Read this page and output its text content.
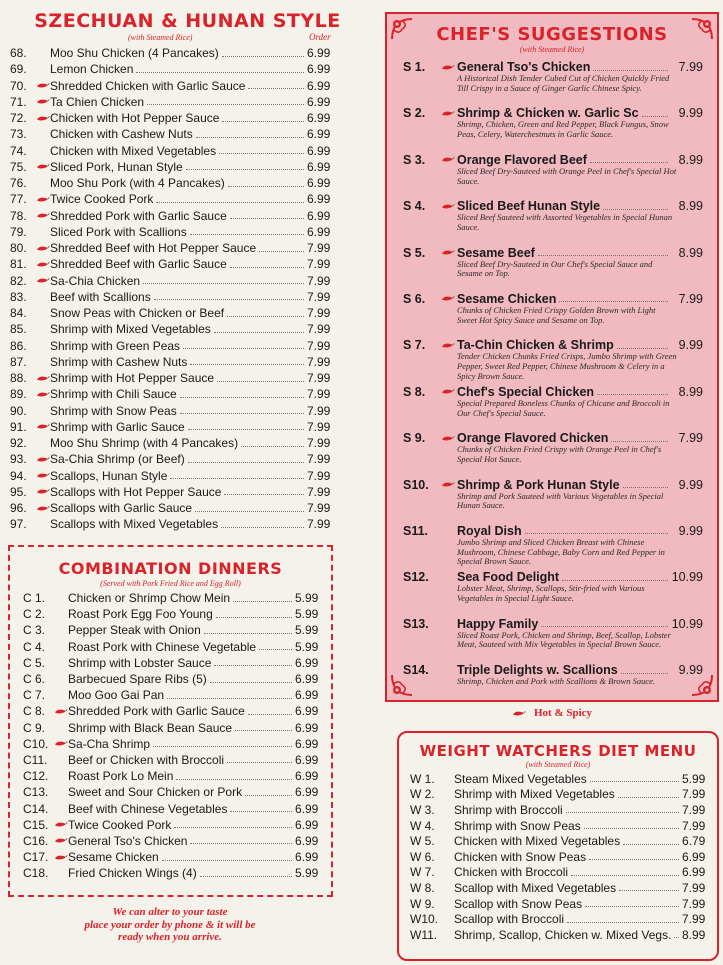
SZECHUAN & HUNAN STYLE
(with Steamed Rice)	Order
68.	Moo Shu Chicken (4 Pancakes)	6.99
69.	Lemon Chicken	6.99
70.	Shredded Chicken with Garlic Sauce	6.99
71.	Ta Chien Chicken	6.99
72.	Chicken with Hot Pepper Sauce	6.99
73.	Chicken with Cashew Nuts	6.99
74.	Chicken with Mixed Vegetables	6.99
75.	Sliced Pork, Hunan Style	6.99
76.	Moo Shu Pork (with 4 Pancakes)	6.99
77.	Twice Cooked Pork	6.99
78.	Shredded Pork with Garlic Sauce	6.99
79.	Sliced Pork with Scallions	6.99
80.	Shredded Beef with Hot Pepper Sauce	7.99
81.	Shredded Beef with Garlic Sauce	7.99
82.	Sa-Chia Chicken	7.99
83.	Beef with Scallions	7.99
84.	Snow Peas with Chicken or Beef	7.99
85.	Shrimp with Mixed Vegetables	7.99
86.	Shrimp with Green Peas	7.99
87.	Shrimp with Cashew Nuts	7.99
88.	Shrimp with Hot Pepper Sauce	7.99
89.	Shrimp with Chili Sauce	7.99
90.	Shrimp with Snow Peas	7.99
91.	Shrimp with Garlic Sauce	7.99
92.	Moo Shu Shrimp (with 4 Pancakes)	7.99
93.	Sa-Chia Shrimp (or Beef)	7.99
94.	Scallops, Hunan Style	7.99
95.	Scallops with Hot Pepper Sauce	7.99
96.	Scallops with Garlic Sauce	7.99
97.	Scallops with Mixed Vegetables	7.99
COMBINATION DINNERS
(Served with Pork Fried Rice and Egg Roll)
C 1.	Chicken or Shrimp Chow Mein	5.99
C 2.	Roast Pork Egg Foo Young	5.99
C 3.	Pepper Steak with Onion	5.99
C 4.	Roast Pork with Chinese Vegetable	5.99
C 5.	Shrimp with Lobster Sauce	6.99
C 6.	Barbecued Spare Ribs (5)	6.99
C 7.	Moo Goo Gai Pan	6.99
C 8.	Shredded Pork with Garlic Sauce	6.99
C 9.	Shrimp with Black Bean Sauce	6.99
C10.	Sa-Cha Shrimp	6.99
C11.	Beef or Chicken with Broccoli	6.99
C12.	Roast Pork Lo Mein	6.99
C13.	Sweet and Sour Chicken or Pork	6.99
C14.	Beef with Chinese Vegetables	6.99
C15.	Twice Cooked Pork	6.99
C16.	General Tso's Chicken	6.99
C17.	Sesame Chicken	6.99
C18.	Fried Chicken Wings (4)	5.99
We can alter to your taste
place your order by phone & it will be
ready when you arrive.
CHEF'S SUGGESTIONS
(with Steamed Rice)
S 1.	General Tso's Chicken	7.99
A Historical Dish Tender Cubed Cut of Chicken Quickly Fried Till Crispy in a Sauce of Ginger Garlic Chinese Spicy.
S 2.	Shrimp & Chicken w. Garlic Sc	9.99
Shrimp, Chicken, Green and Red Pepper, Black Fungus, Snow Peas, Celery, Waterchestnuts in Garlic Sauce.
S 3.	Orange Flavored Beef	8.99
Sliced Beef Dry-Sauteed with Orange Peel in Chef's Special Hot Sauce.
S 4.	Sliced Beef Hunan Style	8.99
Sliced Beef Sauteed with Assorted Vegetables in Special Hunan Sauce.
S 5.	Sesame Beef	8.99
Sliced Beef Dry-Sauteed in Our Chef's Special Sauce and Sesame on Top.
S 6.	Sesame Chicken	7.99
Chunks of Chicken Fried Crispy Golden Brown with Light Sweet Hot Spicy Sauce and Sesame on Top.
S 7.	Ta-Chin Chicken & Shrimp	9.99
Tender Chicken Chunks Fried Crisps, Jumbo Shrimp with Green Pepper, Sweet Red Pepper, Chinese Mushroom & Celery in a Spicy Brown Sauce.
S 8.	Chef's Special Chicken	8.99
Special Prepared Boneless Chunks of Chicane and Broccoli in Our Chef's Special Sauce.
S 9.	Orange Flavored Chicken	7.99
Chunks of Chicken Fried Crispy with Orange Peel in Chef's Special Hot Sauce.
S10.	Shrimp & Pork Hunan Style	9.99
Shrimp and Pork Sauteed with Various Vegetables in Special Hunan Sauce.
S11.	Royal Dish	9.99
Jumbo Shrimp and Sliced Chicken Breast with Chinese Mushroom, Chinese Cabbage, Baby Corn and Red Pepper in Special Brown Sauce.
S12.	Sea Food Delight	10.99
Lobster Meat, Shrimp, Scallops, Stir-fried with Various Vegetables in Special Light Sauce.
S13.	Happy Family	10.99
Sliced Roast Pork, Chicken and Shrimp, Beef, Scallop, Lobster Meat, Sauteed with Mix Vegetables in Special Brown Sauce.
S14.	Triple Delights w. Scallions	9.99
Shrimp, Chicken and Pork with Scallions & Brown Sauce.
Hot & Spicy
WEIGHT WATCHERS DIET MENU
(with Steamed Rice)
W 1.	Steam Mixed Vegetables	5.99
W 2.	Shrimp with Mixed Vegetables	7.99
W 3.	Shrimp with Broccoli	7.99
W 4.	Shrimp with Snow Peas	7.99
W 5.	Chicken with Mixed Vegetables	6.79
W 6.	Chicken with Snow Peas	6.99
W 7.	Chicken with Broccoli	6.99
W 8.	Scallop with Mixed Vegetables	7.99
W 9.	Scallop with Snow Peas	7.99
W10.	Scallop with Broccoli	7.99
W11.	Shrimp, Scallop, Chicken w. Mixed Vegs. 8.99
